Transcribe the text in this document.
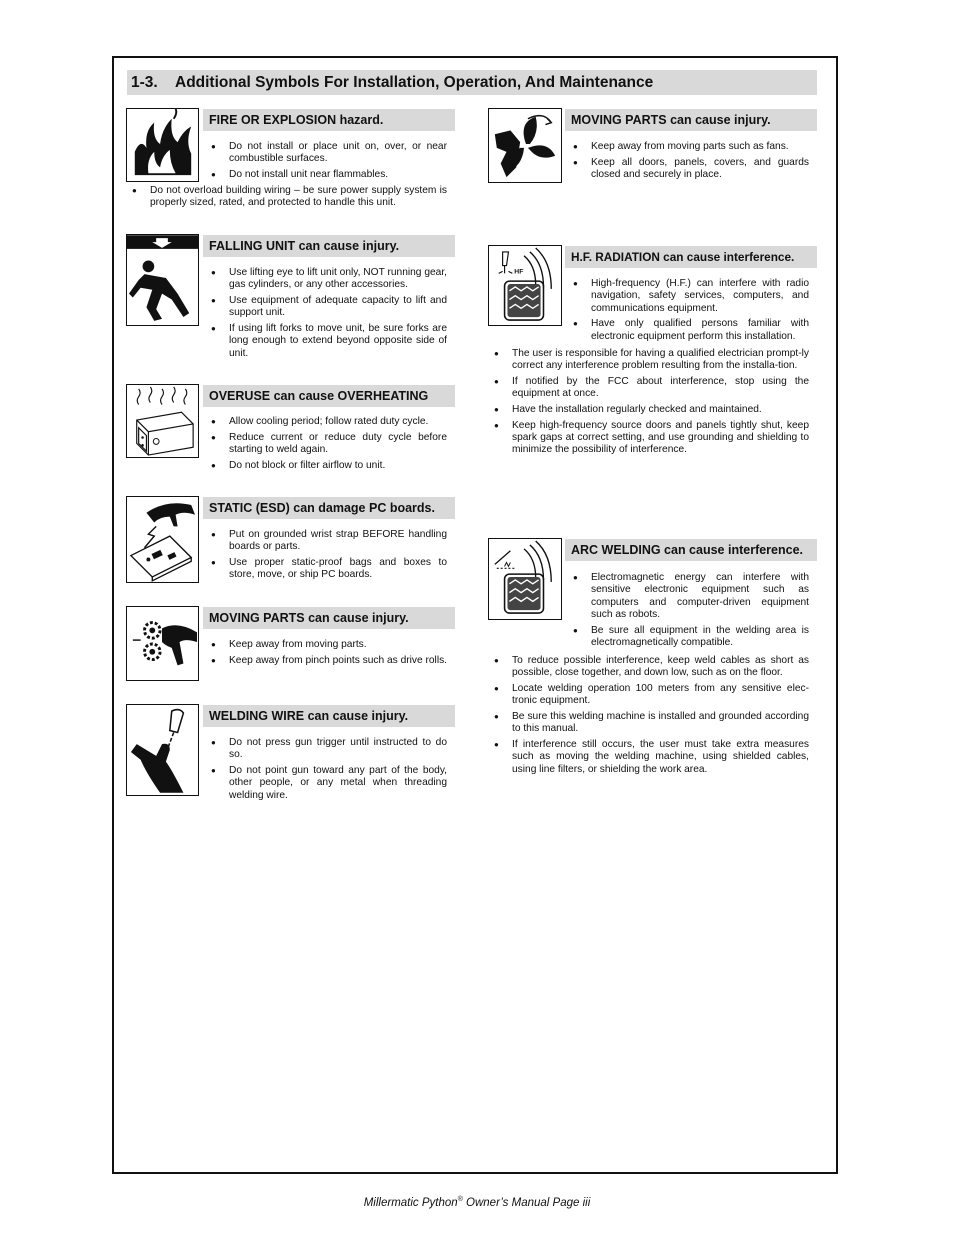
1-3. Additional Symbols For Installation, Operation, And Maintenance
FIRE OR EXPLOSION hazard.
● Do not install or place unit on, over, or near combustible surfaces.
● Do not install unit near flammables.
● Do not overload building wiring – be sure power supply system is properly sized, rated, and protected to handle this unit.
FALLING UNIT can cause injury.
● Use lifting eye to lift unit only, NOT running gear, gas cylinders, or any other accessories.
● Use equipment of adequate capacity to lift and support unit.
● If using lift forks to move unit, be sure forks are long enough to extend beyond opposite side of unit.
OVERUSE can cause OVERHEATING
● Allow cooling period; follow rated duty cycle.
● Reduce current or reduce duty cycle before starting to weld again.
● Do not block or filter airflow to unit.
STATIC (ESD) can damage PC boards.
● Put on grounded wrist strap BEFORE handling boards or parts.
● Use proper static-proof bags and boxes to store, move, or ship PC boards.
MOVING PARTS can cause injury.
● Keep away from moving parts.
● Keep away from pinch points such as drive rolls.
WELDING WIRE can cause injury.
● Do not press gun trigger until instructed to do so.
● Do not point gun toward any part of the body, other people, or any metal when threading welding wire.
MOVING PARTS can cause injury.
● Keep away from moving parts such as fans.
● Keep all doors, panels, covers, and guards closed and securely in place.
HF
H.F. RADIATION can cause interference.
● High-frequency (H.F.) can interfere with radio navigation, safety services, computers, and communications equipment.
● Have only qualified persons familiar with electronic equipment perform this installation.
● The user is responsible for having a qualified electrician prompt-ly correct any interference problem resulting from the installa-tion.
● If notified by the FCC about interference, stop using the equipment at once.
● Have the installation regularly checked and maintained.
● Keep high-frequency source doors and panels tightly shut, keep spark gaps at correct setting, and use grounding and shielding to minimize the possibility of interference.
ARC WELDING can cause interference.
● Electromagnetic energy can interfere with sensitive electronic equipment such as computers and computer-driven equipment such as robots.
● Be sure all equipment in the welding area is electromagnetically compatible.
● To reduce possible interference, keep weld cables as short as possible, close together, and down low, such as on the floor.
● Locate welding operation 100 meters from any sensitive elec-tronic equipment.
● Be sure this welding machine is installed and grounded according to this manual.
● If interference still occurs, the user must take extra measures such as moving the welding machine, using shielded cables, using line filters, or shielding the work area.
Millermatic Python® Owner’s Manual Page iii
